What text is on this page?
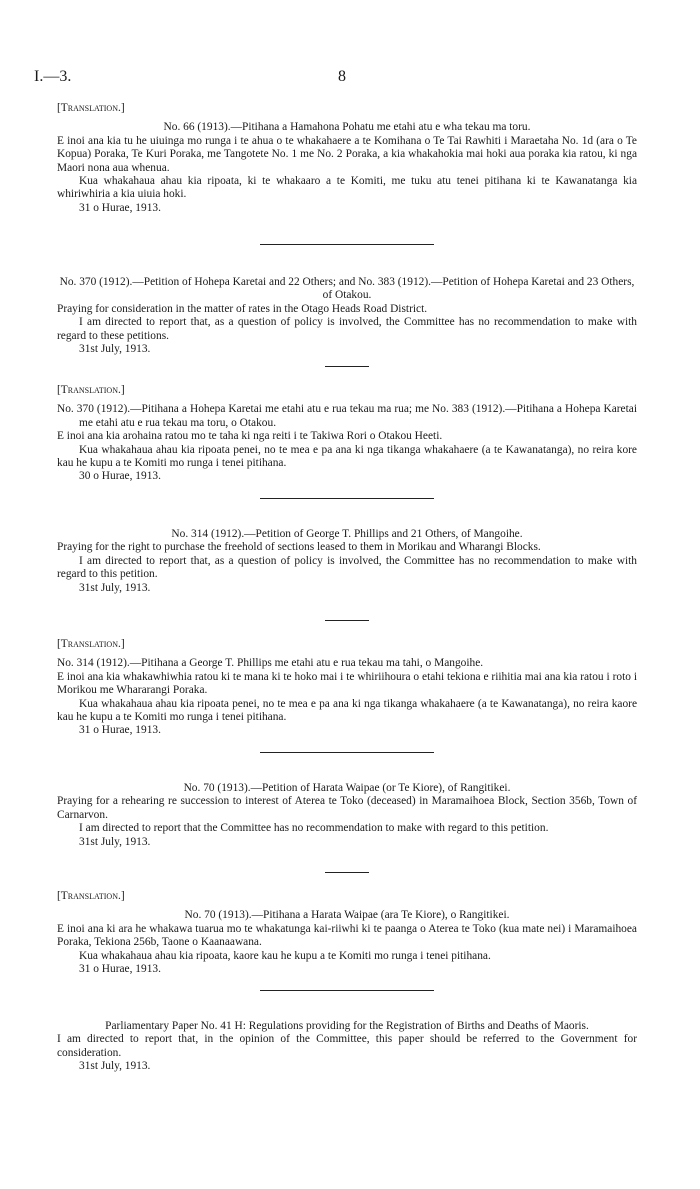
I.—3.	8

[Translation.]

No. 66 (1913).—Pitihana a Hamahona Pohatu me etahi atu e wha tekau ma toru.

E inoi ana kia tu he uiuinga mo runga i te ahua o te whakahaere a te Komihana o Te Tai Rawhiti i Maraetaha No. 1d (ara o Te Kopua) Poraka, Te Kuri Poraka, me Tangotete No. 1 me No. 2 Poraka, a kia whakahokia mai hoki aua poraka kia ratou, ki nga Maori nona aua whenua.

Kua whakahaua ahau kia ripoata, ki te whakaaro a te Komiti, me tuku atu tenei pitihana ki te Kawanatanga kia whiriwhiria a kia uiuia hoki.

31 o Hurae, 1913.

No. 370 (1912).—Petition of Hohepa Karetai and 22 Others; and No. 383 (1912).—Petition of Hohepa Karetai and 23 Others, of Otakou.

Praying for consideration in the matter of rates in the Otago Heads Road District.

I am directed to report that, as a question of policy is involved, the Committee has no recommendation to make with regard to these petitions.

31st July, 1913.

[Translation.]

No. 370 (1912).—Pitihana a Hohepa Karetai me etahi atu e rua tekau ma rua; me No. 383 (1912).—Pitihana a Hohepa Karetai me etahi atu e rua tekau ma toru, o Otakou.

E inoi ana kia arohaina ratou mo te taha ki nga reiti i te Takiwa Rori o Otakou Heeti.

Kua whakahaua ahau kia ripoata penei, no te mea e pa ana ki nga tikanga whakahaere (a te Kawanatanga), no reira kore kau he kupu a te Komiti mo runga i tenei pitihana.

30 o Hurae, 1913.

No. 314 (1912).—Petition of George T. Phillips and 21 Others, of Mangoihe.

Praying for the right to purchase the freehold of sections leased to them in Morikau and Wharangi Blocks.

I am directed to report that, as a question of policy is involved, the Committee has no recommendation to make with regard to this petition.

31st July, 1913.

[Translation.]

No. 314 (1912).—Pitihana a George T. Phillips me etahi atu e rua tekau ma tahi, o Mangoihe.

E inoi ana kia whakawhiwhia ratou ki te mana ki te hoko mai i te whiriihoura o etahi tekiona e riihitia mai ana kia ratou i roto i Morikou me Whararangi Poraka.

Kua whakahaua ahau kia ripoata penei, no te mea e pa ana ki nga tikanga whakahaere (a te Kawanatanga), no reira kaore kau he kupu a te Komiti mo runga i tenei pitihana.

31 o Hurae, 1913.

No. 70 (1913).—Petition of Harata Waipae (or Te Kiore), of Rangitikei.

Praying for a rehearing re succession to interest of Aterea te Toko (deceased) in Maramaihoea Block, Section 356b, Town of Carnarvon.

I am directed to report that the Committee has no recommendation to make with regard to this petition.

31st July, 1913.

[Translation.]

No. 70 (1913).—Pitihana a Harata Waipae (ara Te Kiore), o Rangitikei.

E inoi ana ki ara he whakawa tuarua mo te whakatunga kai-riiwhi ki te paanga o Aterea te Toko (kua mate nei) i Maramaihoea Poraka, Tekiona 256b, Taone o Kaanaawana.

Kua whakahaua ahau kia ripoata, kaore kau he kupu a te Komiti mo runga i tenei pitihana.

31 o Hurae, 1913.

Parliamentary Paper No. 41 H: Regulations providing for the Registration of Births and Deaths of Maoris.

I am directed to report that, in the opinion of the Committee, this paper should be referred to the Government for consideration.

31st July, 1913.
